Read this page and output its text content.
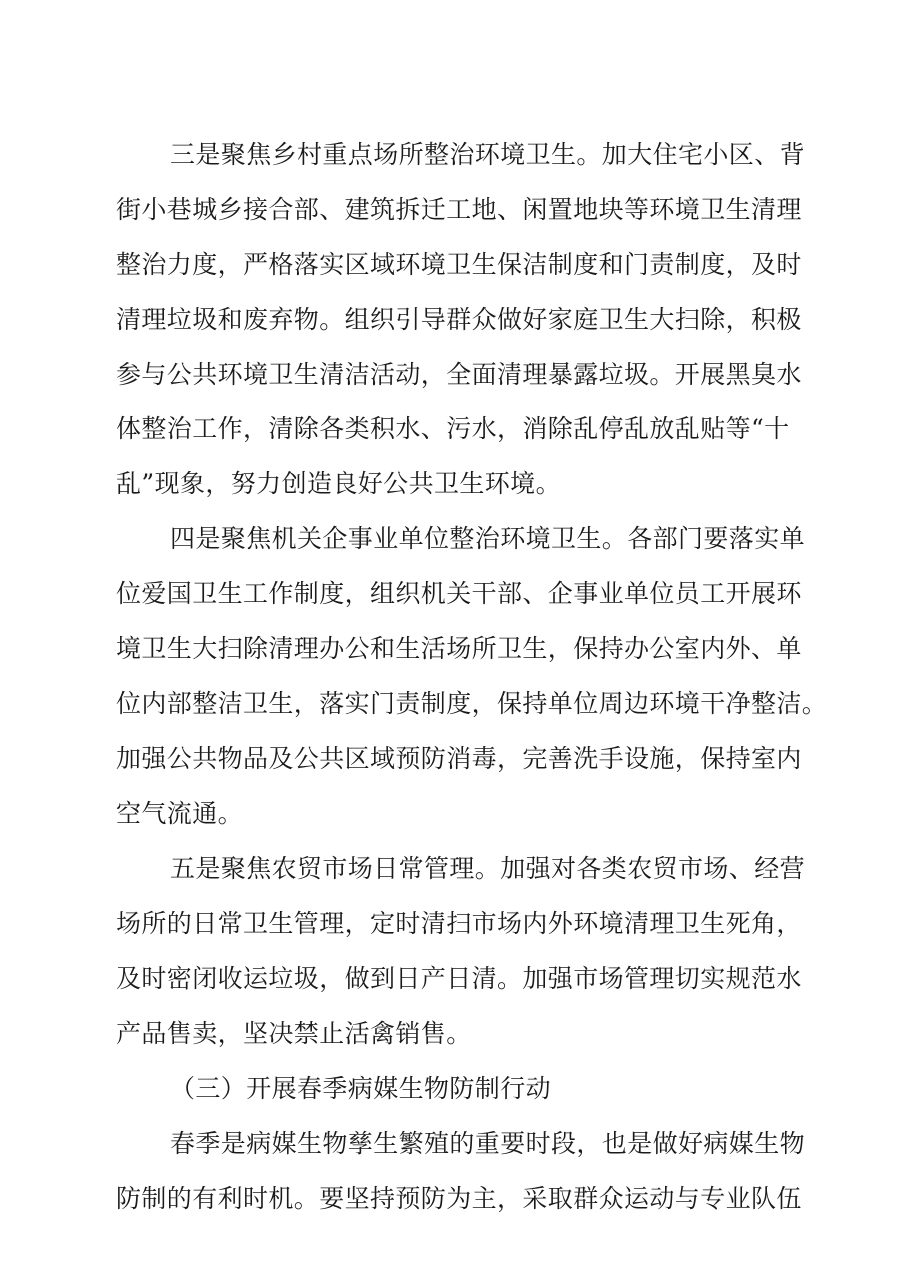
三是聚焦乡村重点场所整治环境卫生。加大住宅小区、背
街小巷城乡接合部、建筑拆迁工地、闲置地块等环境卫生清理
整治力度，严格落实区域环境卫生保洁制度和门责制度，及时
清理垃圾和废弃物。组织引导群众做好家庭卫生大扫除，积极
参与公共环境卫生清洁活动，全面清理暴露垃圾。开展黑臭水
体整治工作，清除各类积水、污水，消除乱停乱放乱贴等“十
乱”现象，努力创造良好公共卫生环境。
四是聚焦机关企事业单位整治环境卫生。各部门要落实单
位爱国卫生工作制度，组织机关干部、企事业单位员工开展环
境卫生大扫除清理办公和生活场所卫生，保持办公室内外、单
位内部整洁卫生，落实门责制度，保持单位周边环境干净整洁。
加强公共物品及公共区域预防消毒，完善洗手设施，保持室内
空气流通。
五是聚焦农贸市场日常管理。加强对各类农贸市场、经营
场所的日常卫生管理，定时清扫市场内外环境清理卫生死角，
及时密闭收运垃圾，做到日产日清。加强市场管理切实规范水
产品售卖，坚决禁止活禽销售。
（三）开展春季病媒生物防制行动
春季是病媒生物孳生繁殖的重要时段，也是做好病媒生物
防制的有利时机。要坚持预防为主，采取群众运动与专业队伍
